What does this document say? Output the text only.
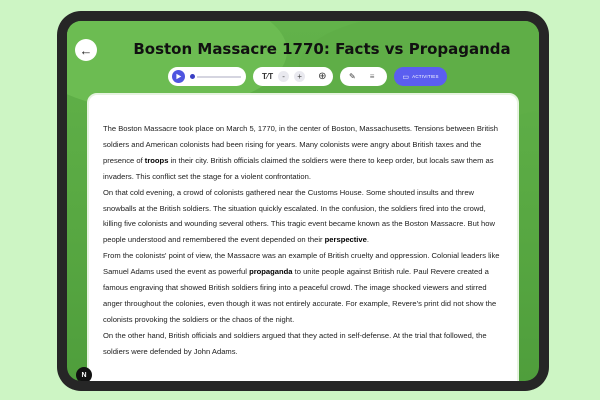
←	Boston Massacre 1770: Facts vs Propaganda
T⁄T	-	+	⊕	✎ ≡	▭ ACTIVITIES

The Boston Massacre took place on March 5, 1770, in the center of Boston, Massachusetts. Tensions between British soldiers and American colonists had been rising for years. Many colonists were angry about British taxes and the presence of troops in their city. British officials claimed the soldiers were there to keep order, but locals saw them as invaders. This conflict set the stage for a violent confrontation.

On that cold evening, a crowd of colonists gathered near the Customs House. Some shouted insults and threw snowballs at the British soldiers. The situation quickly escalated. In the confusion, the soldiers fired into the crowd, killing five colonists and wounding several others. This tragic event became known as the Boston Massacre. But how people understood and remembered the event depended on their perspective.

From the colonists' point of view, the Massacre was an example of British cruelty and oppression. Colonial leaders like Samuel Adams used the event as powerful propaganda to unite people against British rule. Paul Revere created a famous engraving that showed British soldiers firing into a peaceful crowd. The image shocked viewers and stirred anger throughout the colonies, even though it was not entirely accurate. For example, Revere's print did not show the colonists provoking the soldiers or the chaos of the night.

On the other hand, British officials and soldiers argued that they acted in self-defense. At the trial that followed, the soldiers were defended by John Adams.

N
